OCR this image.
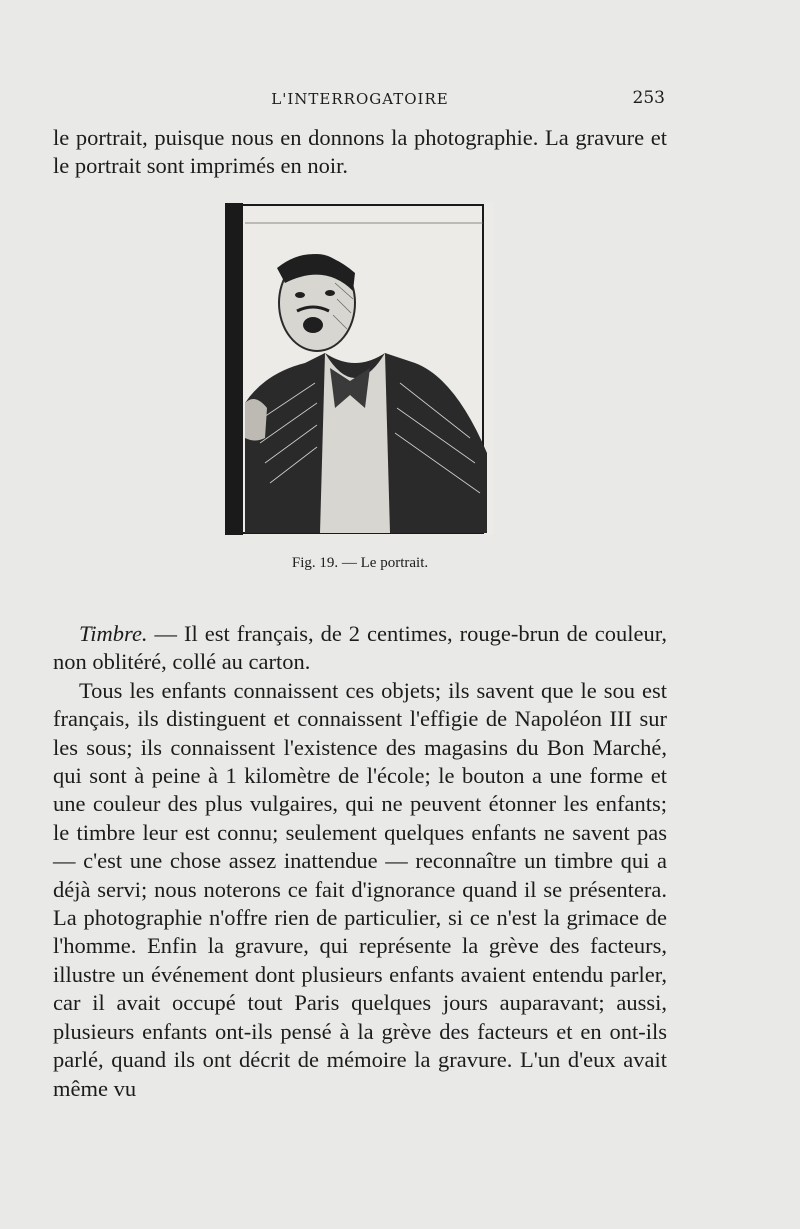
L'INTERROGATOIRE	253

le portrait, puisque nous en donnons la photographie. La gravure et le portrait sont imprimés en noir.

Fig. 19. — Le portrait.

Timbre. — Il est français, de 2 centimes, rouge-brun de couleur, non oblitéré, collé au carton.

Tous les enfants connaissent ces objets; ils savent que le sou est français, ils distinguent et connaissent l'effigie de Napoléon III sur les sous; ils connaissent l'existence des magasins du Bon Marché, qui sont à peine à 1 kilomètre de l'école; le bouton a une forme et une couleur des plus vulgaires, qui ne peuvent étonner les enfants; le timbre leur est connu; seulement quelques enfants ne savent pas — c'est une chose assez inattendue — reconnaître un timbre qui a déjà servi; nous noterons ce fait d'ignorance quand il se présentera. La photographie n'offre rien de particulier, si ce n'est la grimace de l'homme. Enfin la gravure, qui représente la grève des facteurs, illustre un événement dont plusieurs enfants avaient entendu parler, car il avait occupé tout Paris quelques jours auparavant; aussi, plusieurs enfants ont-ils pensé à la grève des facteurs et en ont-ils parlé, quand ils ont décrit de mémoire la gravure. L'un d'eux avait même vu
